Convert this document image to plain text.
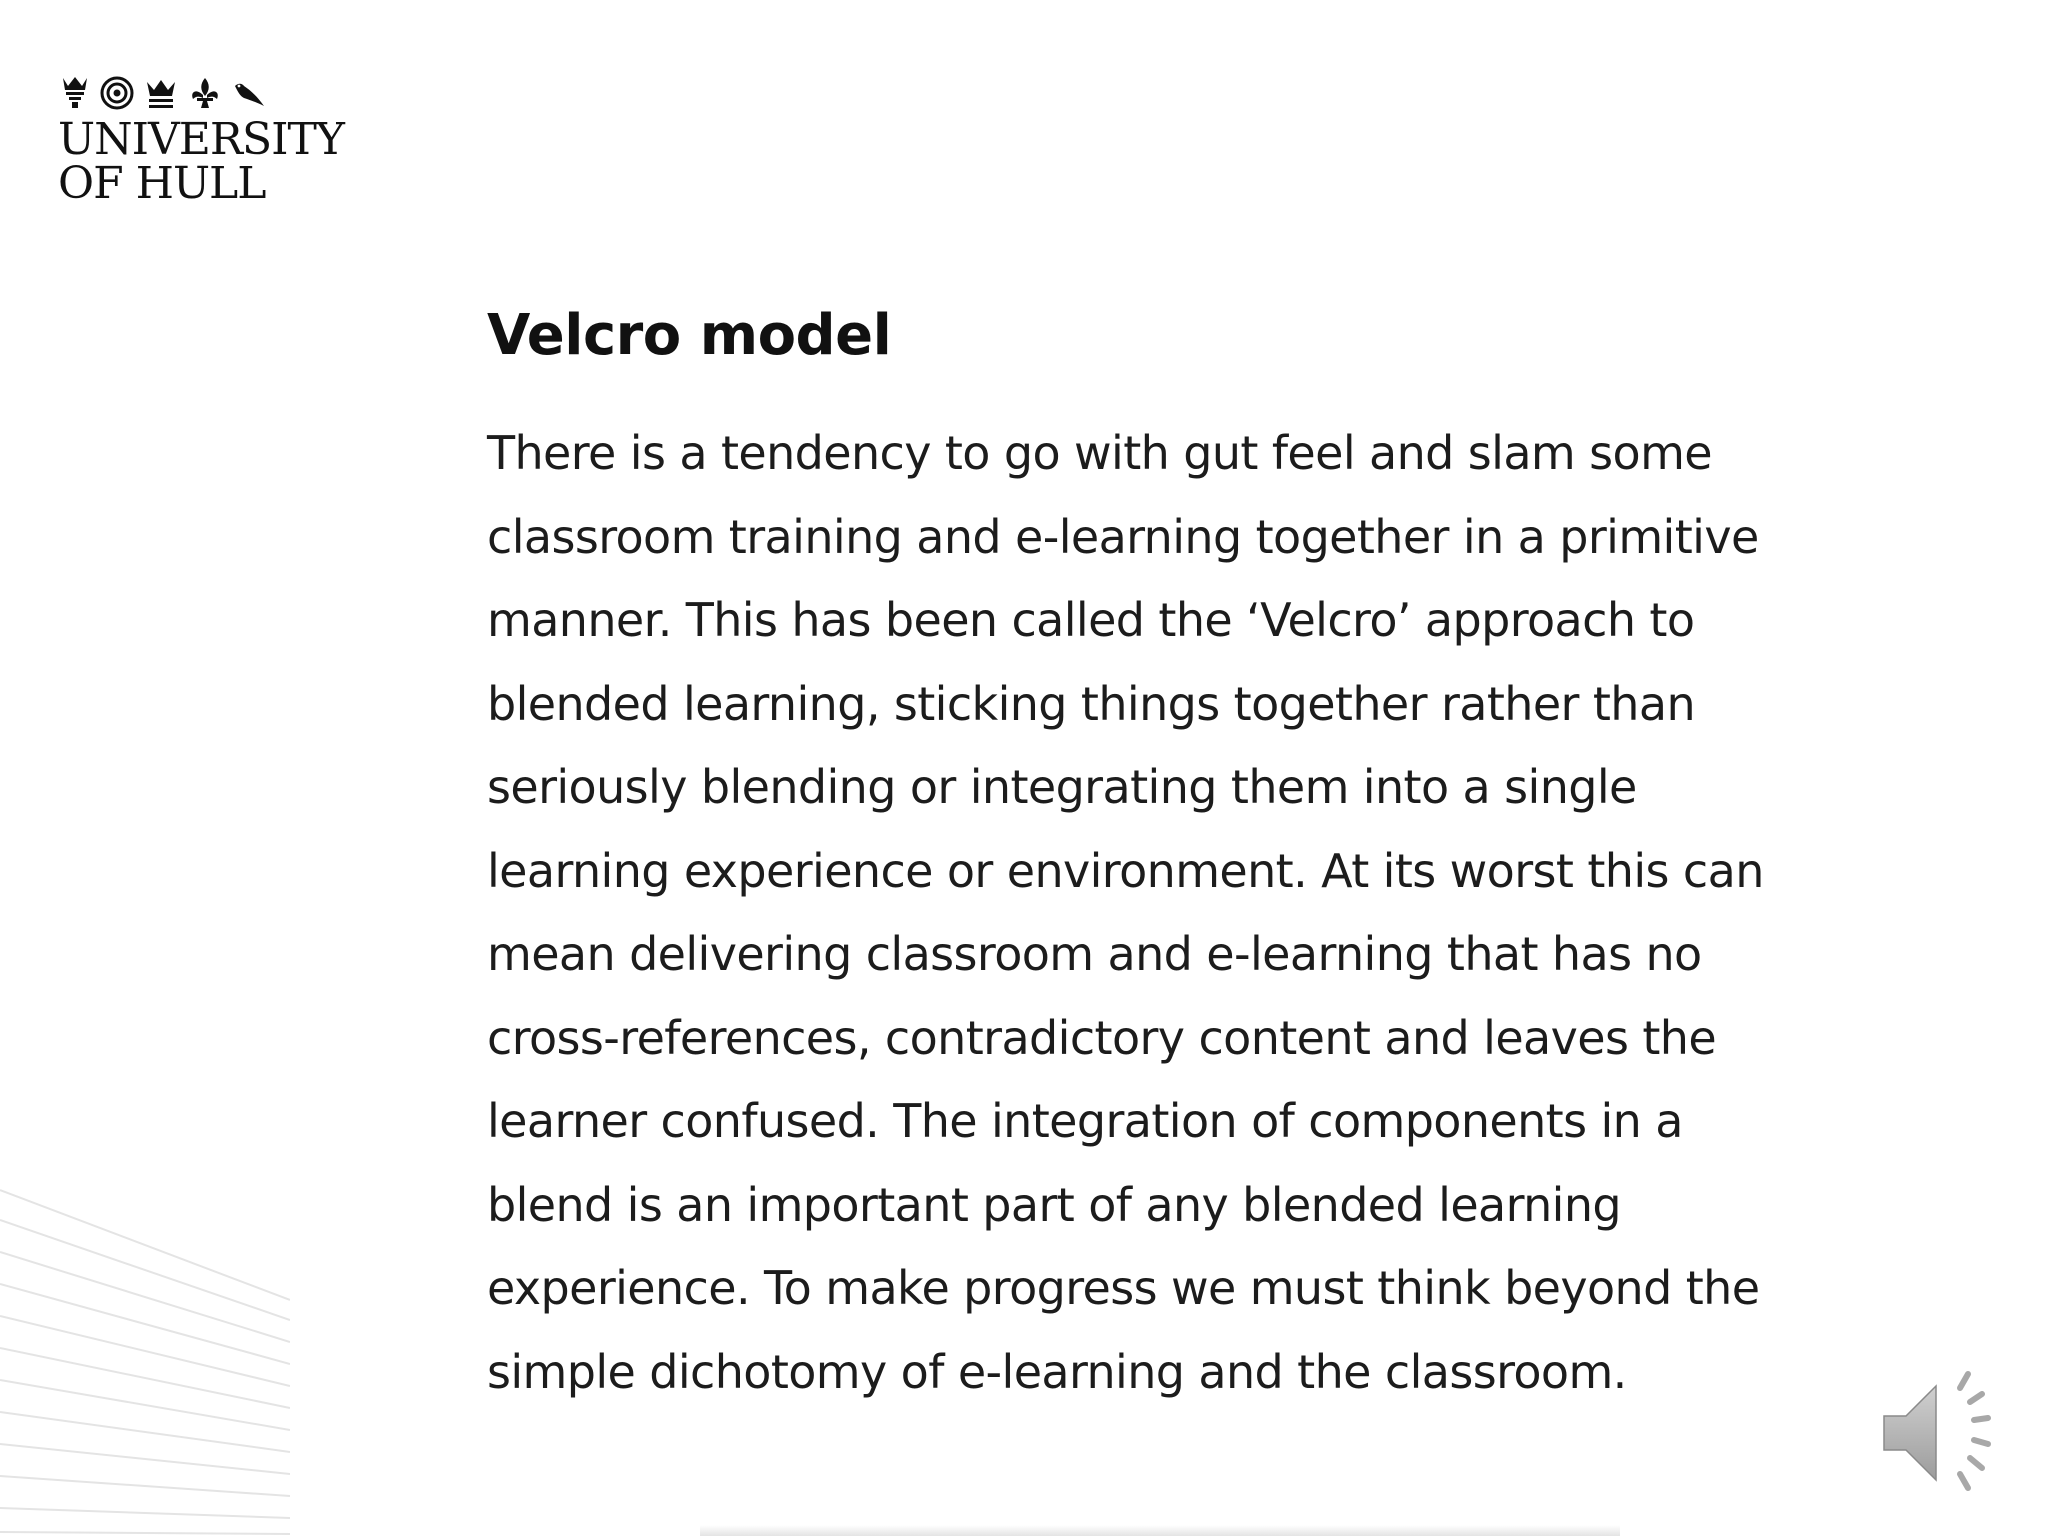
UNIVERSITY
OF HULL
Velcro model

There is a tendency to go with gut feel and slam some
classroom training and e-learning together in a primitive
manner. This has been called the ‘Velcro’ approach to
blended learning, sticking things together rather than
seriously blending or integrating them into a single
learning experience or environment. At its worst this can
mean delivering classroom and e-learning that has no
cross-references, contradictory content and leaves the
learner confused. The integration of components in a
blend is an important part of any blended learning
experience. To make progress we must think beyond the
simple dichotomy of e-learning and the classroom.
